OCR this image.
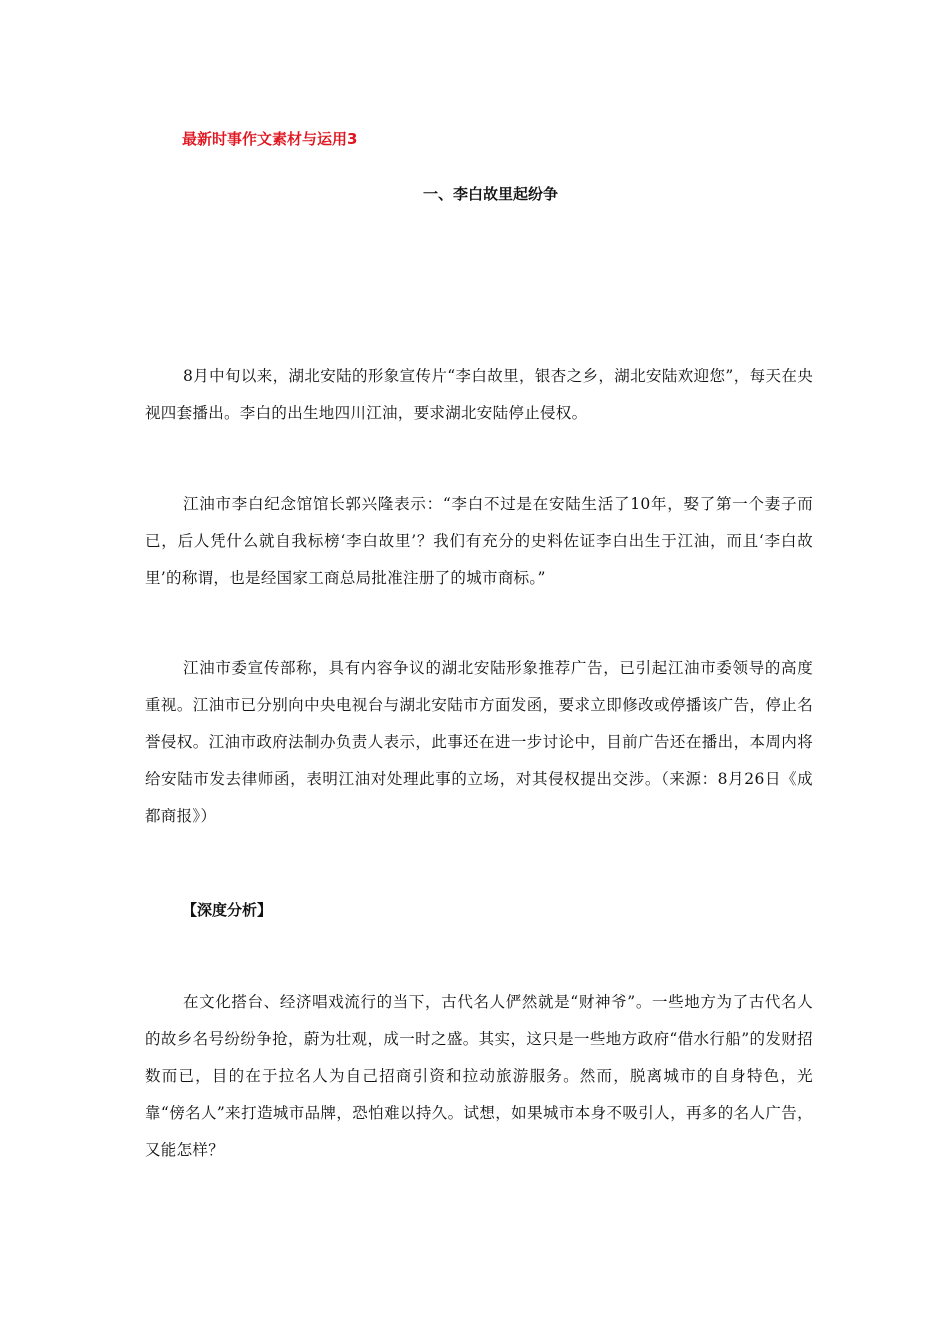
最新时事作文素材与运用3
一、李白故里起纷争

8月中旬以来，湖北安陆的形象宣传片“李白故里，银杏之乡，湖北安陆欢迎您”，每天在央视四套播出。李白的出生地四川江油，要求湖北安陆停止侵权。

江油市李白纪念馆馆长郭兴隆表示：“李白不过是在安陆生活了10年，娶了第一个妻子而已，后人凭什么就自我标榜‘李白故里’？我们有充分的史料佐证李白出生于江油，而且‘李白故里’的称谓，也是经国家工商总局批准注册了的城市商标。”

江油市委宣传部称，具有内容争议的湖北安陆形象推荐广告，已引起江油市委领导的高度重视。江油市已分别向中央电视台与湖北安陆市方面发函，要求立即修改或停播该广告，停止名誉侵权。江油市政府法制办负责人表示，此事还在进一步讨论中，目前广告还在播出，本周内将给安陆市发去律师函，表明江油对处理此事的立场，对其侵权提出交涉。（来源：8月26日《成都商报》）

【深度分析】

在文化搭台、经济唱戏流行的当下，古代名人俨然就是“财神爷”。一些地方为了古代名人的故乡名号纷纷争抢，蔚为壮观，成一时之盛。其实，这只是一些地方政府“借水行船”的发财招数而已，目的在于拉名人为自己招商引资和拉动旅游服务。然而，脱离城市的自身特色，光靠“傍名人”来打造城市品牌，恐怕难以持久。试想，如果城市本身不吸引人，再多的名人广告，又能怎样？
